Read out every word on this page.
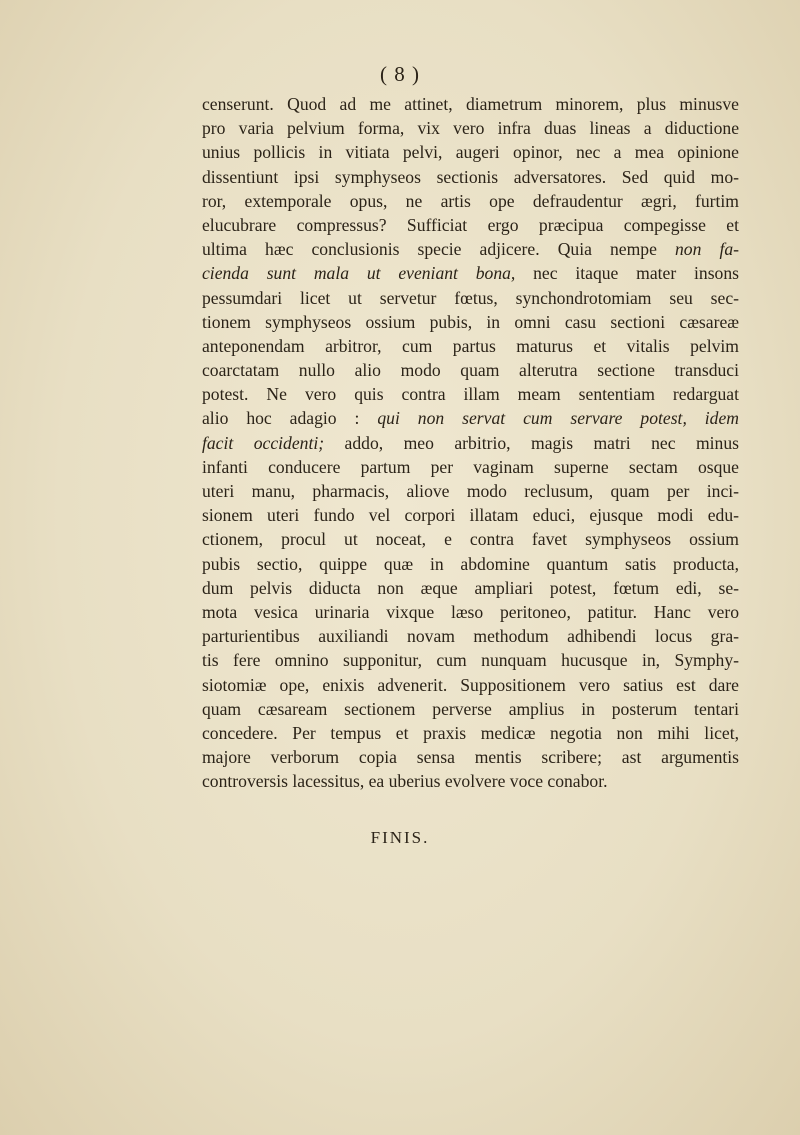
( 8 )
censerunt. Quod ad me attinet, diametrum minorem, plus minusve
pro varia pelvium forma, vix vero infra duas lineas a diductione
unius pollicis in vitiata pelvi, augeri opinor, nec a mea opinione
dissentiunt ipsi symphyseos sectionis adversatores. Sed quid mo-
ror, extemporale opus, ne artis ope defraudentur ægri, furtim
elucubrare compressus? Sufficiat ergo præcipua compegisse et
ultima hæc conclusionis specie adjicere. Quia nempe non fa-
cienda sunt mala ut eveniant bona, nec itaque mater insons
pessumdari licet ut servetur fœtus, synchondrotomiam seu sec-
tionem symphyseos ossium pubis, in omni casu sectioni cæsareæ
anteponendam arbitror, cum partus maturus et vitalis pelvim
coarctatam nullo alio modo quam alterutra sectione transduci
potest. Ne vero quis contra illam meam sententiam redarguat
alio hoc adagio : qui non servat cum servare potest, idem
facit occidenti; addo, meo arbitrio, magis matri nec minus
infanti conducere partum per vaginam superne sectam osque
uteri manu, pharmacis, aliove modo reclusum, quam per inci-
sionem uteri fundo vel corpori illatam educi, ejusque modi edu-
ctionem, procul ut noceat, e contra favet symphyseos ossium
pubis sectio, quippe quæ in abdomine quantum satis producta,
dum pelvis diducta non æque ampliari potest, fœtum edi, se-
mota vesica urinaria vixque læso peritoneo, patitur. Hanc vero
parturientibus auxiliandi novam methodum adhibendi locus gra-
tis fere omnino supponitur, cum nunquam hucusque in, Symphy-
siotomiæ ope, enixis advenerit. Suppositionem vero satius est dare
quam cæsaream sectionem perverse amplius in posterum tentari
concedere. Per tempus et praxis medicæ negotia non mihi licet,
majore verborum copia sensa mentis scribere; ast argumentis
controversis lacessitus, ea uberius evolvere voce conabor.
FINIS.
